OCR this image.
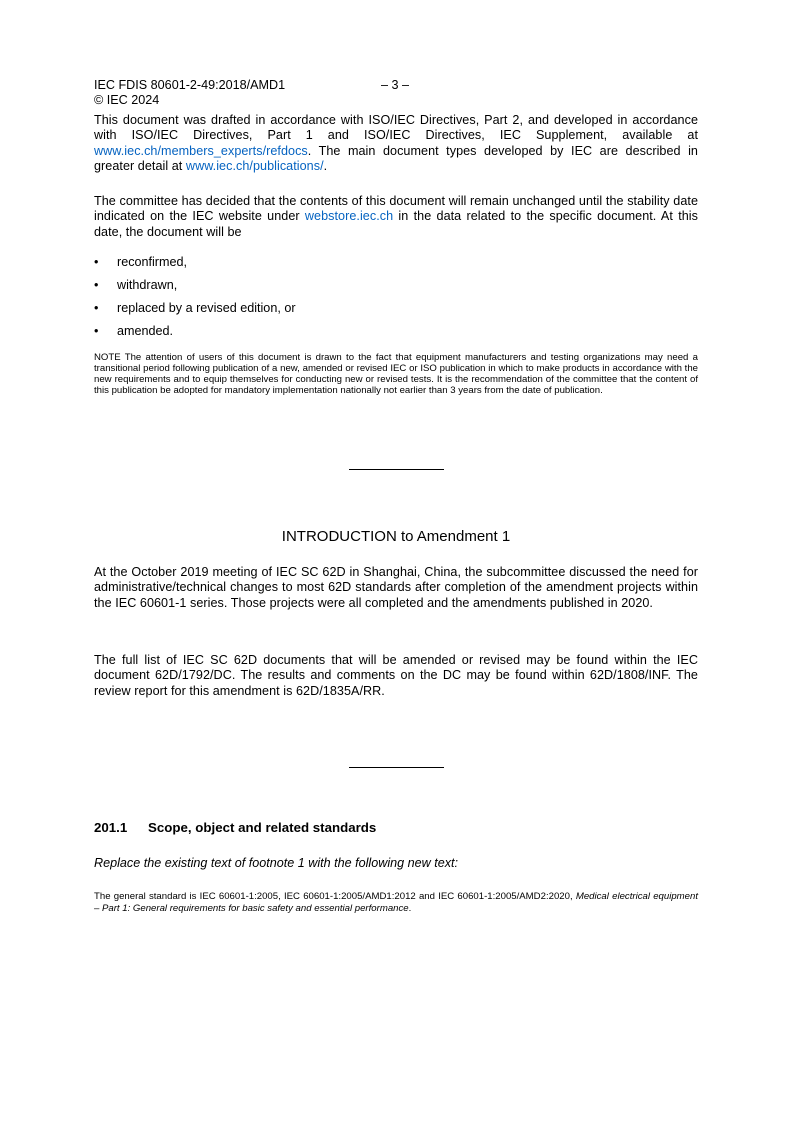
IEC FDIS 80601-2-49:2018/AMD1	– 3 –
© IEC 2024
This document was drafted in accordance with ISO/IEC Directives, Part 2, and developed in accordance with ISO/IEC Directives, Part 1 and ISO/IEC Directives, IEC Supplement, available at www.iec.ch/members_experts/refdocs. The main document types developed by IEC are described in greater detail at www.iec.ch/publications/.
The committee has decided that the contents of this document will remain unchanged until the stability date indicated on the IEC website under webstore.iec.ch in the data related to the specific document. At this date, the document will be
• reconfirmed,
• withdrawn,
• replaced by a revised edition, or
• amended.
NOTE The attention of users of this document is drawn to the fact that equipment manufacturers and testing organizations may need a transitional period following publication of a new, amended or revised IEC or ISO publication in which to make products in accordance with the new requirements and to equip themselves for conducting new or revised tests. It is the recommendation of the committee that the content of this publication be adopted for mandatory implementation nationally not earlier than 3 years from the date of publication.
INTRODUCTION to Amendment 1
At the October 2019 meeting of IEC SC 62D in Shanghai, China, the subcommittee discussed the need for administrative/technical changes to most 62D standards after completion of the amendment projects within the IEC 60601-1 series. Those projects were all completed and the amendments published in 2020.
The full list of IEC SC 62D documents that will be amended or revised may be found within the IEC document 62D/1792/DC. The results and comments on the DC may be found within 62D/1808/INF. The review report for this amendment is 62D/1835A/RR.
201.1 Scope, object and related standards
Replace the existing text of footnote 1 with the following new text:
The general standard is IEC 60601-1:2005, IEC 60601-1:2005/AMD1:2012 and IEC 60601-1:2005/AMD2:2020, Medical electrical equipment – Part 1: General requirements for basic safety and essential performance.
